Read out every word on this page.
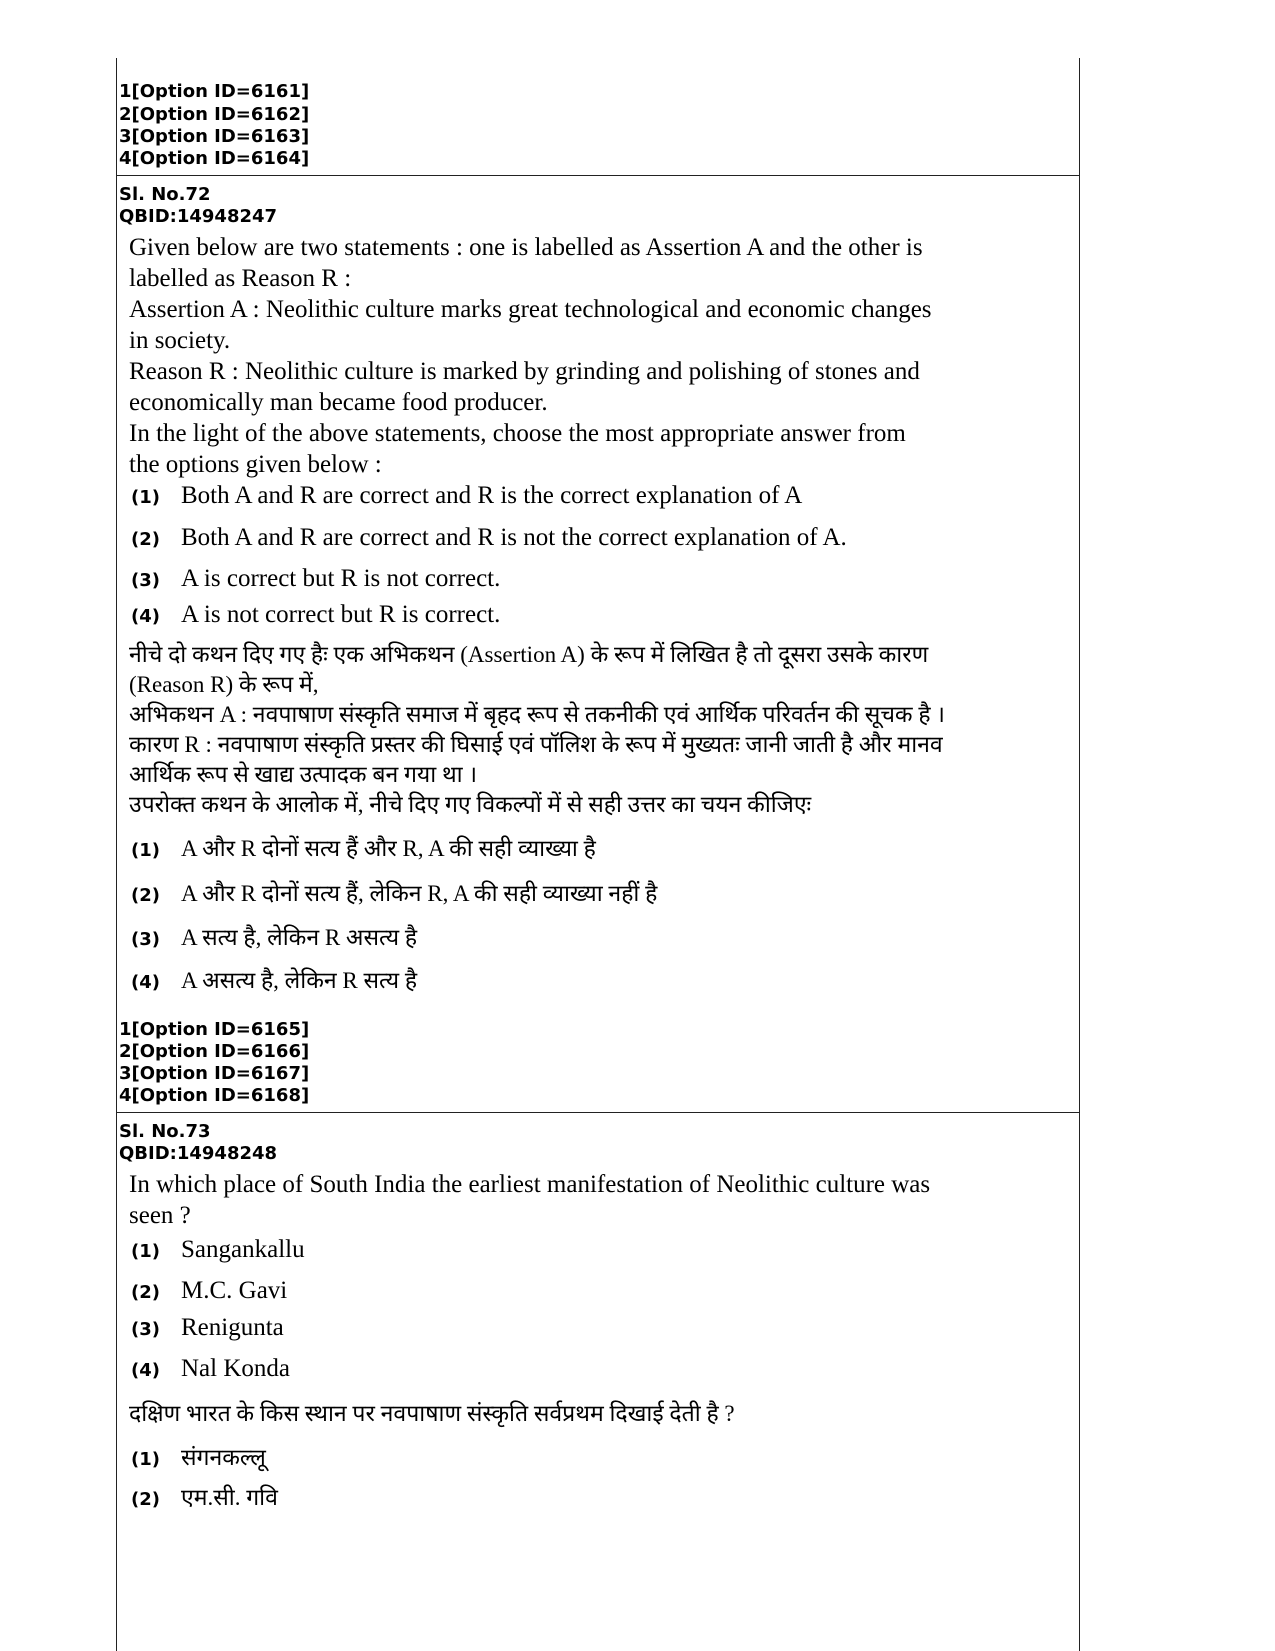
1[Option ID=6161]
2[Option ID=6162]
3[Option ID=6163]
4[Option ID=6164]
Sl. No.72
QBID:14948247

Given below are two statements : one is labelled as Assertion A and the other is

labelled as Reason R :

Assertion A : Neolithic culture marks great technological and economic changes

in society.

Reason R : Neolithic culture is marked by grinding and polishing of stones and

economically man became food producer.

In the light of the above statements, choose the most appropriate answer from

the options given below :

(1) Both A and R are correct and R is the correct explanation of A
(2) Both A and R are correct and R is not the correct explanation of A.
(3) A is correct but R is not correct.
(4) A is not correct but R is correct.

नीचे दो कथन दिए गए हैः एक अभिकथन (Assertion A) के रूप में लिखित है तो दूसरा उसके कारण

(Reason R) के रूप में,

अभिकथन A : नवपाषाण संस्कृति समाज में बृहद रूप से तकनीकी एवं आर्थिक परिवर्तन की सूचक है ।

कारण R : नवपाषाण संस्कृति प्रस्तर की घिसाई एवं पॉलिश के रूप में मुख्यतः जानी जाती है और मानव

आर्थिक रूप से खाद्य उत्पादक बन गया था ।

उपरोक्त कथन के आलोक में, नीचे दिए गए विकल्पों में से सही उत्तर का चयन कीजिएः

(1) A और R दोनों सत्य हैं और R, A की सही व्याख्या है
(2) A और R दोनों सत्य हैं, लेकिन R, A की सही व्याख्या नहीं है
(3) A सत्य है, लेकिन R असत्य है
(4) A असत्य है, लेकिन R सत्य है
1[Option ID=6165]
2[Option ID=6166]
3[Option ID=6167]
4[Option ID=6168]
Sl. No.73
QBID:14948248

In which place of South India the earliest manifestation of Neolithic culture was

seen ?

(1) Sangankallu
(2) M.C. Gavi
(3) Renigunta
(4) Nal Konda
दक्षिण भारत के किस स्थान पर नवपाषाण संस्कृति सर्वप्रथम दिखाई देती है ?
(1) संगनकल्लू
(2) एम.सी. गवि
